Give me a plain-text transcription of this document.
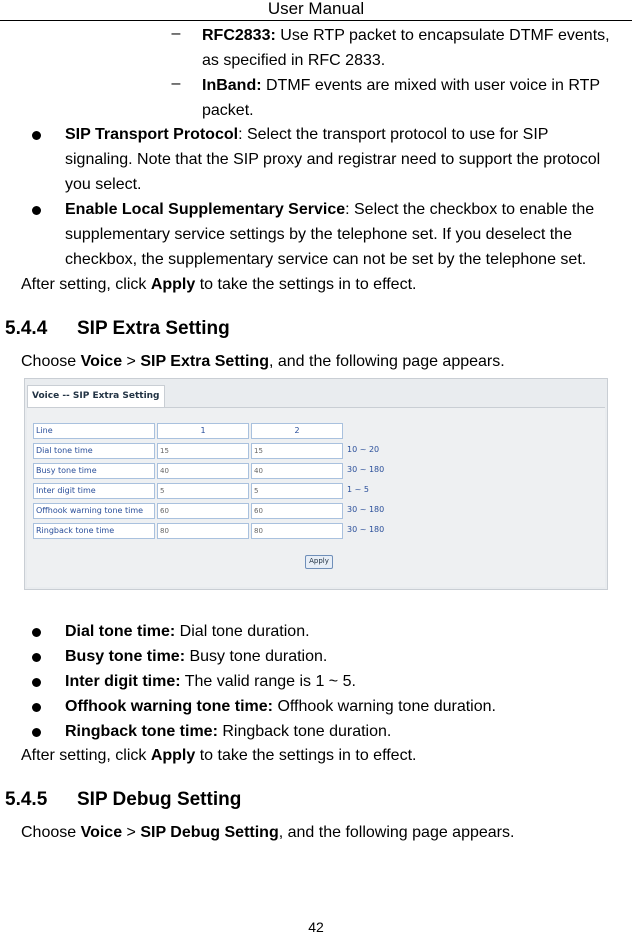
User Manual
– RFC2833: Use RTP packet to encapsulate DTMF events,
as specified in RFC 2833.
– InBand: DTMF events are mixed with user voice in RTP
packet.
SIP Transport Protocol: Select the transport protocol to use for SIP
signaling. Note that the SIP proxy and registrar need to support the protocol
you select.
Enable Local Supplementary Service: Select the checkbox to enable the
supplementary service settings by the telephone set. If you deselect the
checkbox, the supplementary service can not be set by the telephone set.
After setting, click Apply to take the settings in to effect.
5.4.4 SIP Extra Setting
Choose Voice > SIP Extra Setting, and the following page appears.
Voice -- SIP Extra Setting
Line	1	2
Dial tone time	15	15	10 ~ 20
Busy tone time	40	40	30 ~ 180
Inter digit time	5	5	1 ~ 5
Offhook warning tone time	60	60	30 ~ 180
Ringback tone time	80	80	30 ~ 180
Apply
Dial tone time: Dial tone duration.
Busy tone time: Busy tone duration.
Inter digit time: The valid range is 1 ~ 5.
Offhook warning tone time: Offhook warning tone duration.
Ringback tone time: Ringback tone duration.
After setting, click Apply to take the settings in to effect.
5.4.5 SIP Debug Setting
Choose Voice > SIP Debug Setting, and the following page appears.
42
